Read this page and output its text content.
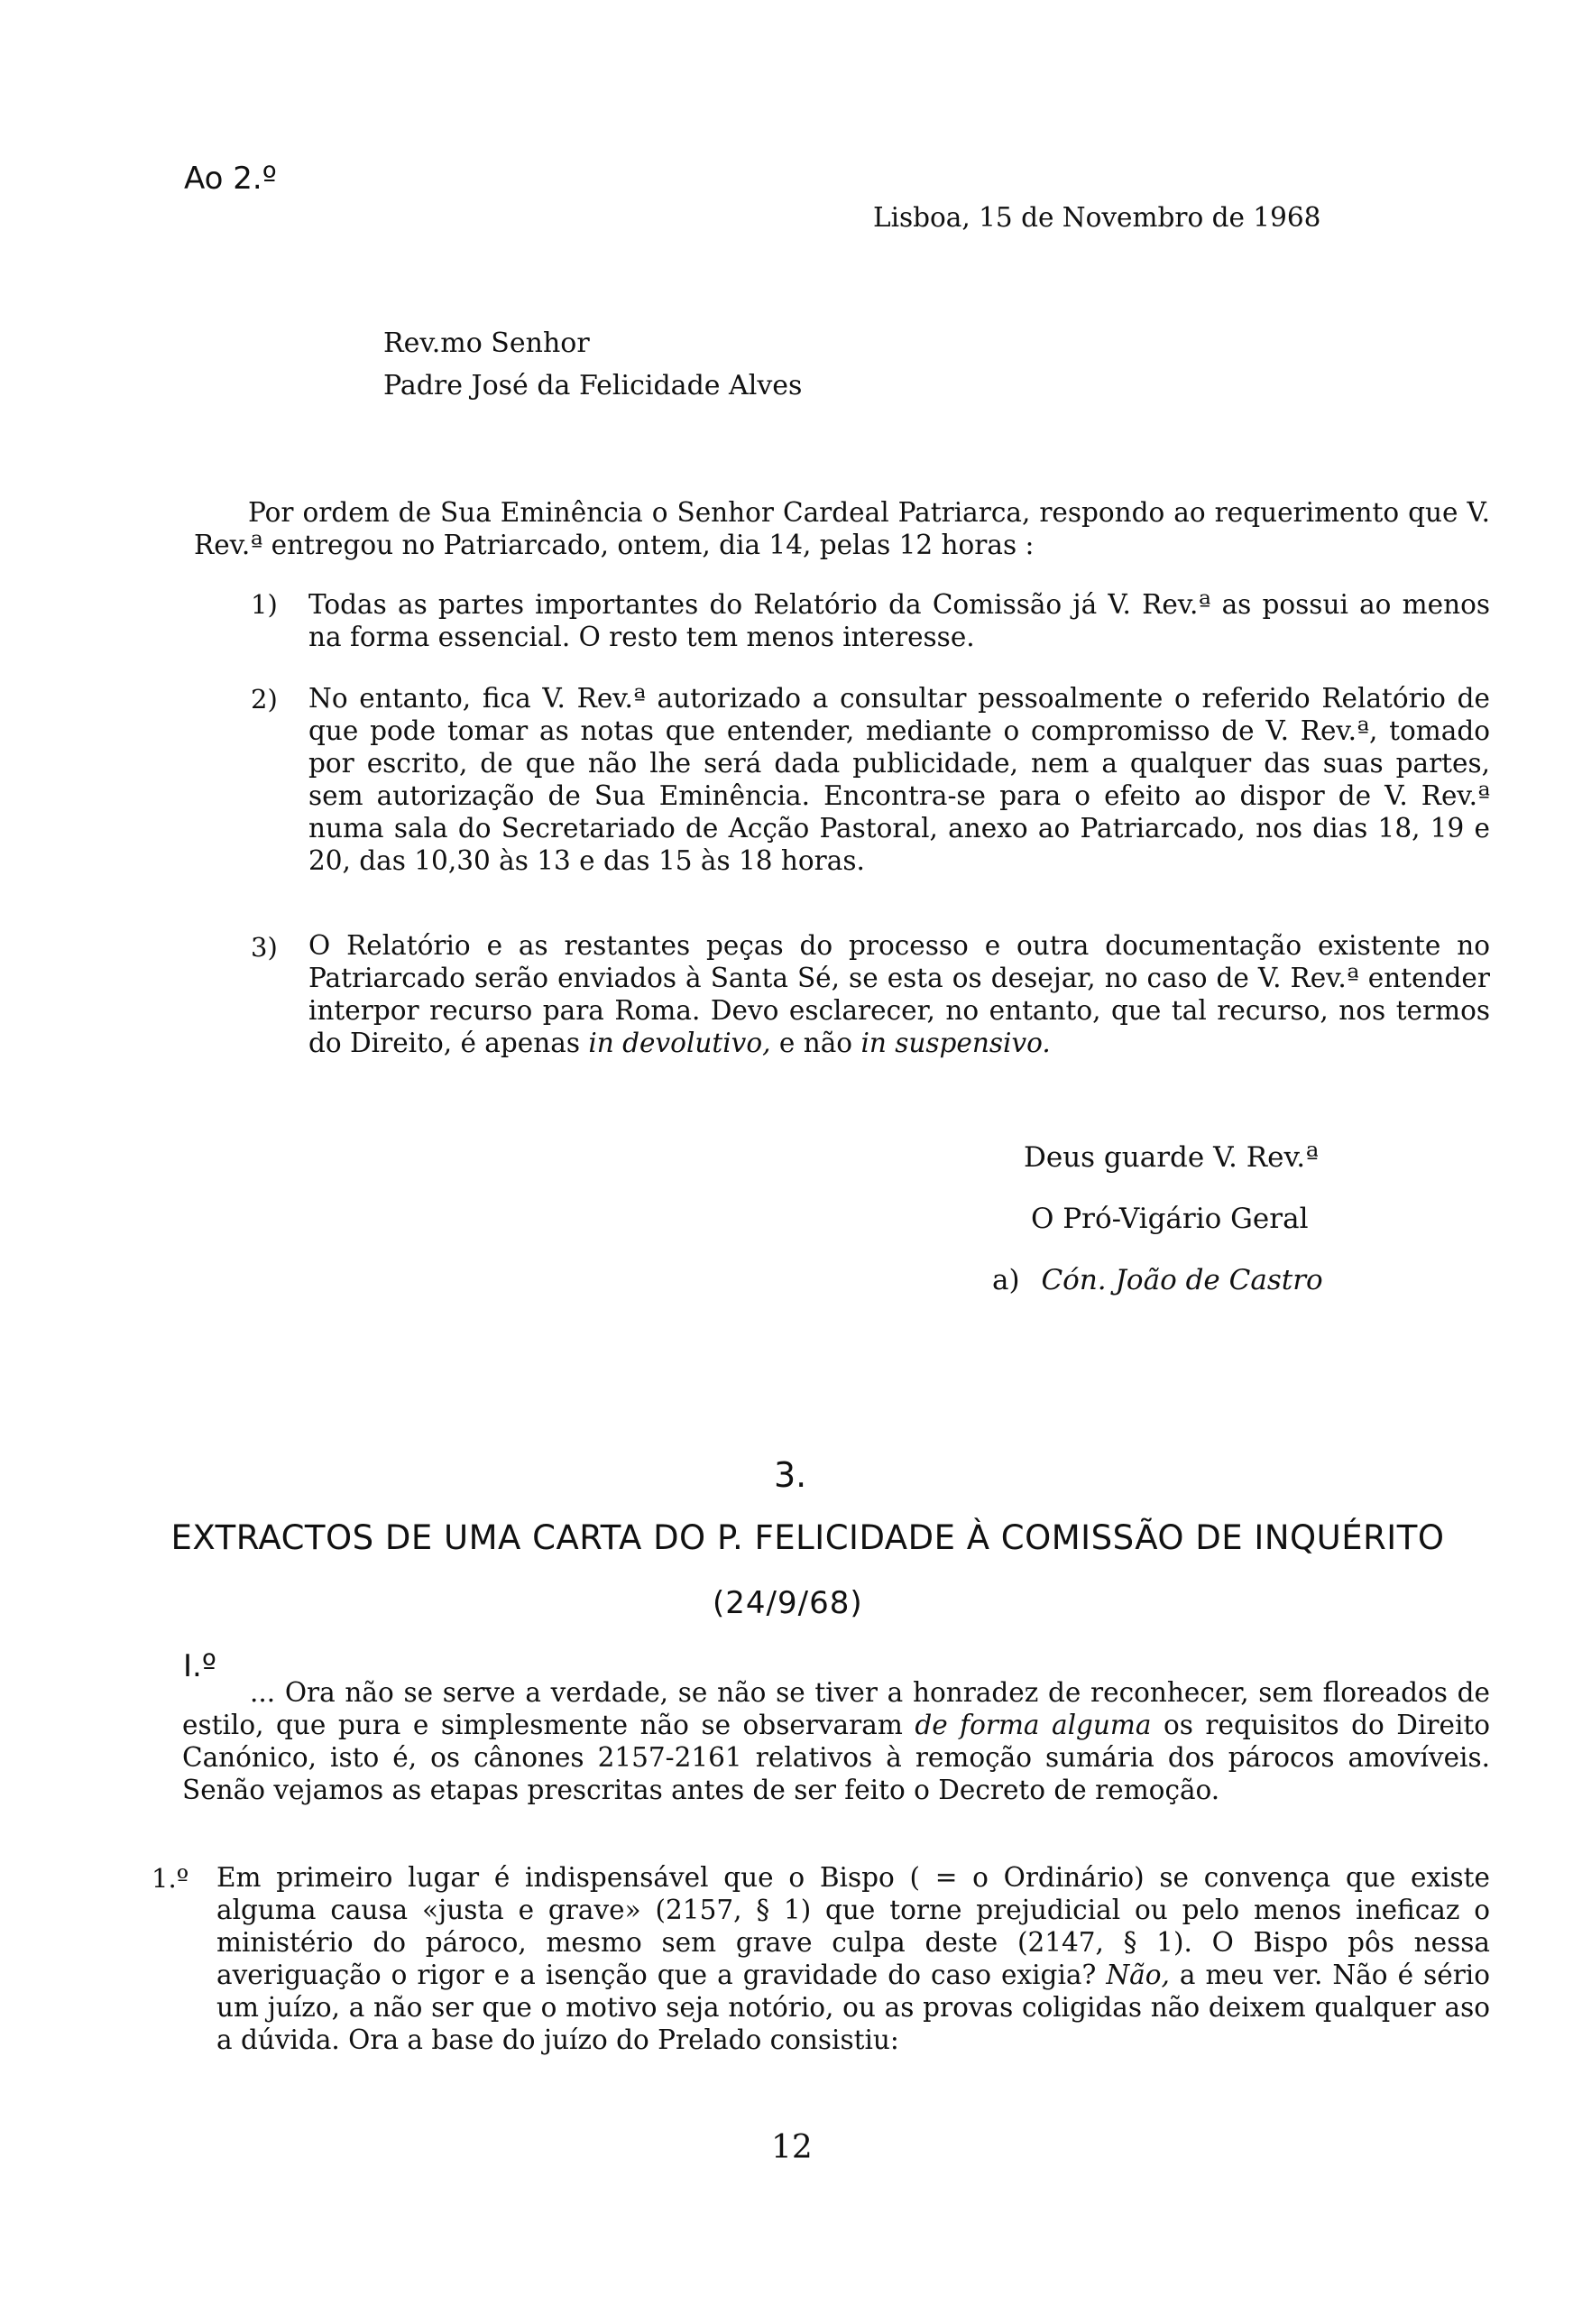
Ao 2.º
Lisboa, 15 de Novembro de 1968
Rev.mo Senhor
Padre José da Felicidade Alves

Por ordem de Sua Eminência o Senhor Cardeal Patriarca, respondo ao requerimento que V. Rev.ª entregou no Patriarcado, ontem, dia 14, pelas 12 horas :

1) Todas as partes importantes do Relatório da Comissão já V. Rev.ª as possui ao menos na forma essencial. O resto tem menos interesse.

2) No entanto, fica V. Rev.ª autorizado a consultar pessoalmente o referido Relatório de que pode tomar as notas que entender, mediante o compromisso de V. Rev.ª, tomado por escrito, de que não lhe será dada publicidade, nem a qualquer das suas partes, sem autorização de Sua Eminência. Encontra-se para o efeito ao dispor de V. Rev.ª numa sala do Secretariado de Acção Pastoral, anexo ao Patriarcado, nos dias 18, 19 e 20, das 10,30 às 13 e das 15 às 18 horas.

3) O Relatório e as restantes peças do processo e outra documentação existente no Patriarcado serão enviados à Santa Sé, se esta os desejar, no caso de V. Rev.ª entender interpor recurso para Roma. Devo esclarecer, no entanto, que tal recurso, nos termos do Direito, é apenas in devolutivo, e não in suspensivo.

Deus guarde V. Rev.ª
O Pró-Vigário Geral
a) Cón. João de Castro
3.
EXTRACTOS DE UMA CARTA DO P. FELICIDADE À COMISSÃO DE INQUÉRITO
(24/9/68)
I.º

... Ora não se serve a verdade, se não se tiver a honradez de reconhecer, sem floreados de estilo, que pura e simplesmente não se observaram de forma alguma os requisitos do Direito Canónico, isto é, os cânones 2157-2161 relativos à remoção sumária dos párocos amovíveis. Senão vejamos as etapas prescritas antes de ser feito o Decreto de remoção.

1.º Em primeiro lugar é indispensável que o Bispo ( = o Ordinário) se convença que existe alguma causa «justa e grave» (2157, § 1) que torne prejudicial ou pelo menos ineficaz o ministério do pároco, mesmo sem grave culpa deste (2147, § 1). O Bispo pôs nessa averiguação o rigor e a isenção que a gravidade do caso exigia? Não, a meu ver. Não é sério um juízo, a não ser que o motivo seja notório, ou as provas coligidas não deixem qualquer aso a dúvida. Ora a base do juízo do Prelado consistiu:

12
